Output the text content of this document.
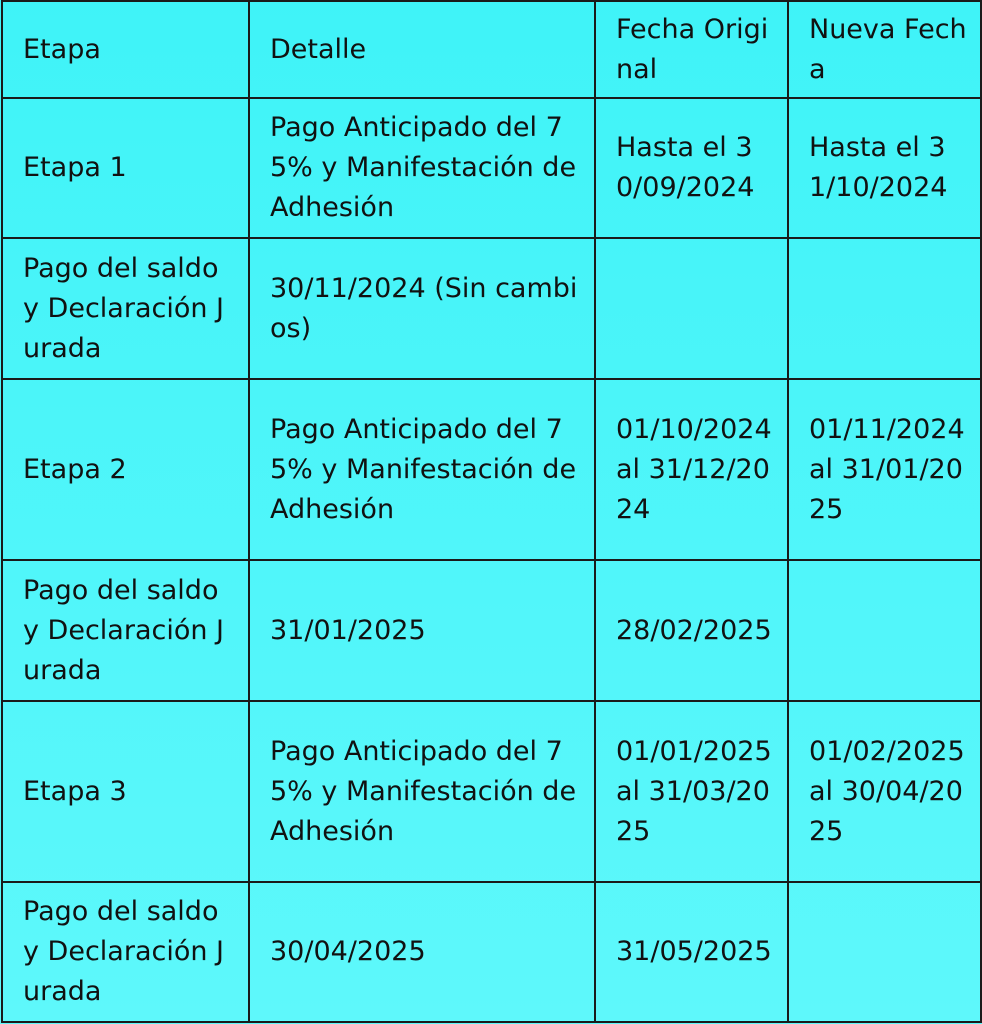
Etapa	Detalle	Fecha Original	Nueva Fecha
Etapa 1	Pago Anticipado del 75% y Manifestación de Adhesión	Hasta el 30/09/2024	Hasta el 31/10/2024
Pago del saldo y Declaración Jurada	30/11/2024 (Sin cambios)		
Etapa 2	Pago Anticipado del 75% y Manifestación de Adhesión	01/10/2024 al 31/12/2024	01/11/2024 al 31/01/2025
Pago del saldo y Declaración Jurada	31/01/2025	28/02/2025	
Etapa 3	Pago Anticipado del 75% y Manifestación de Adhesión	01/01/2025 al 31/03/2025	01/02/2025 al 30/04/2025
Pago del saldo y Declaración Jurada	30/04/2025	31/05/2025	
